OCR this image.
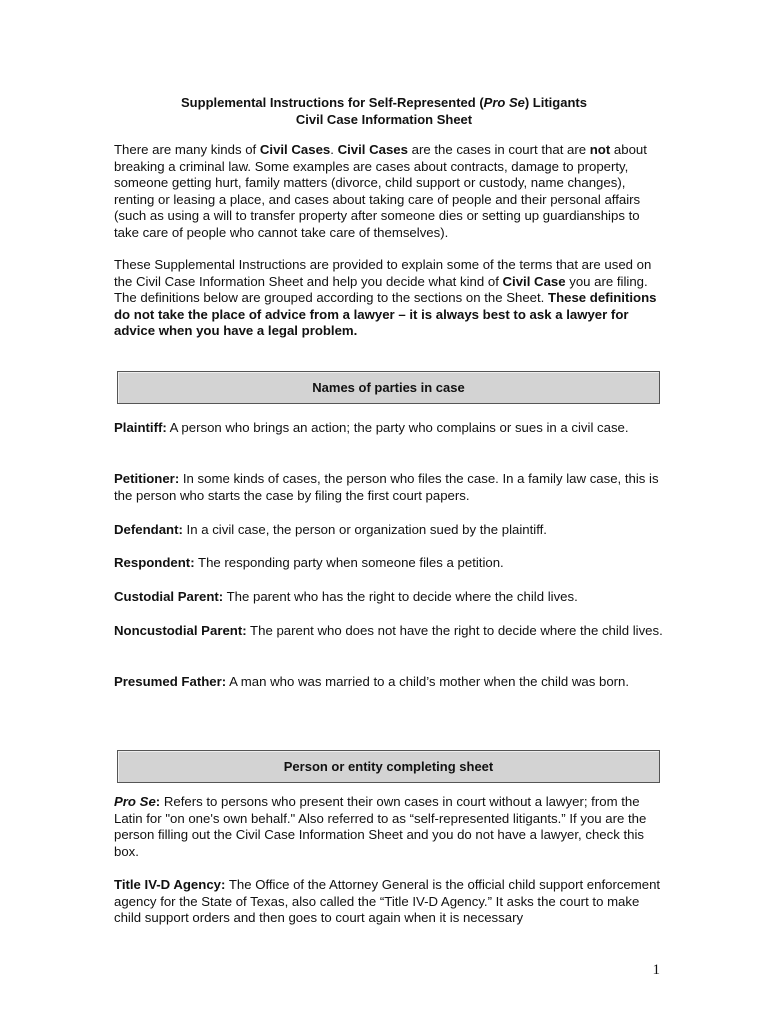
Supplemental Instructions for Self-Represented (Pro Se) Litigants
Civil Case Information Sheet

There are many kinds of Civil Cases. Civil Cases are the cases in court that are not about breaking a criminal law. Some examples are cases about contracts, damage to property, someone getting hurt, family matters (divorce, child support or custody, name changes), renting or leasing a place, and cases about taking care of people and their personal affairs (such as using a will to transfer property after someone dies or setting up guardianships to take care of people who cannot take care of themselves).

These Supplemental Instructions are provided to explain some of the terms that are used on the Civil Case Information Sheet and help you decide what kind of Civil Case you are filing. The definitions below are grouped according to the sections on the Sheet. These definitions do not take the place of advice from a lawyer – it is always best to ask a lawyer for advice when you have a legal problem.

Names of parties in case

Plaintiff: A person who brings an action; the party who complains or sues in a civil case.

Petitioner: In some kinds of cases, the person who files the case. In a family law case, this is the person who starts the case by filing the first court papers.

Defendant: In a civil case, the person or organization sued by the plaintiff.

Respondent: The responding party when someone files a petition.

Custodial Parent: The parent who has the right to decide where the child lives.

Noncustodial Parent: The parent who does not have the right to decide where the child lives.

Presumed Father: A man who was married to a child’s mother when the child was born.

Person or entity completing sheet

Pro Se: Refers to persons who present their own cases in court without a lawyer; from the Latin for "on one's own behalf." Also referred to as “self-represented litigants.” If you are the person filling out the Civil Case Information Sheet and you do not have a lawyer, check this box.

Title IV-D Agency: The Office of the Attorney General is the official child support enforcement agency for the State of Texas, also called the “Title IV-D Agency.” It asks the court to make child support orders and then goes to court again when it is necessary

1
